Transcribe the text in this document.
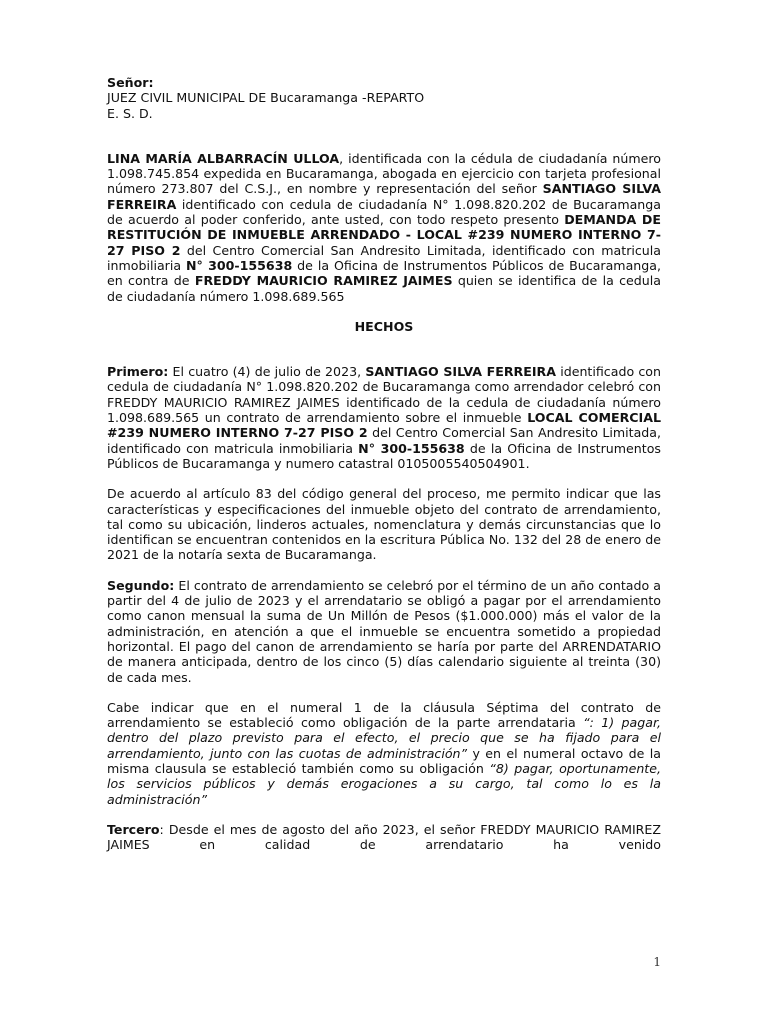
Señor:
JUEZ CIVIL MUNICIPAL DE Bucaramanga -REPARTO
E. S. D.

LINA MARÍA ALBARRACÍN ULLOA, identificada con la cédula de ciudadanía número 1.098.745.854 expedida en Bucaramanga, abogada en ejercicio con tarjeta profesional número 273.807 del C.S.J., en nombre y representación del señor SANTIAGO SILVA FERREIRA identificado con cedula de ciudadanía N° 1.098.820.202 de Bucaramanga de acuerdo al poder conferido, ante usted, con todo respeto presento DEMANDA DE RESTITUCIÓN DE INMUEBLE ARRENDADO - LOCAL #239 NUMERO INTERNO 7-27 PISO 2 del Centro Comercial San Andresito Limitada, identificado con matricula inmobiliaria N° 300-155638 de la Oficina de Instrumentos Públicos de Bucaramanga, en contra de FREDDY MAURICIO RAMIREZ JAIMES quien se identifica de la cedula de ciudadanía número 1.098.689.565

HECHOS

Primero: El cuatro (4) de julio de 2023, SANTIAGO SILVA FERREIRA identificado con cedula de ciudadanía N° 1.098.820.202 de Bucaramanga como arrendador celebró con FREDDY MAURICIO RAMIREZ JAIMES identificado de la cedula de ciudadanía número 1.098.689.565 un contrato de arrendamiento sobre el inmueble LOCAL COMERCIAL #239 NUMERO INTERNO 7-27 PISO 2 del Centro Comercial San Andresito Limitada, identificado con matricula inmobiliaria N° 300-155638 de la Oficina de Instrumentos Públicos de Bucaramanga y numero catastral 0105005540504901.

De acuerdo al artículo 83 del código general del proceso, me permito indicar que las características y especificaciones del inmueble objeto del contrato de arrendamiento, tal como su ubicación, linderos actuales, nomenclatura y demás circunstancias que lo identifican se encuentran contenidos en la escritura Pública No. 132 del 28 de enero de 2021 de la notaría sexta de Bucaramanga.

Segundo: El contrato de arrendamiento se celebró por el término de un año contado a partir del 4 de julio de 2023 y el arrendatario se obligó a pagar por el arrendamiento como canon mensual la suma de Un Millón de Pesos ($1.000.000) más el valor de la administración, en atención a que el inmueble se encuentra sometido a propiedad horizontal. El pago del canon de arrendamiento se haría por parte del ARRENDATARIO de manera anticipada, dentro de los cinco (5) días calendario siguiente al treinta (30) de cada mes.

Cabe indicar que en el numeral 1 de la cláusula Séptima del contrato de arrendamiento se estableció como obligación de la parte arrendataria “: 1) pagar, dentro del plazo previsto para el efecto, el precio que se ha fijado para el arrendamiento, junto con las cuotas de administración” y en el numeral octavo de la misma clausula se estableció también como su obligación “8) pagar, oportunamente, los servicios públicos y demás erogaciones a su cargo, tal como lo es la administración”

Tercero: Desde el mes de agosto del año 2023, el señor FREDDY MAURICIO RAMIREZ JAIMES en calidad de arrendatario ha venido

1
